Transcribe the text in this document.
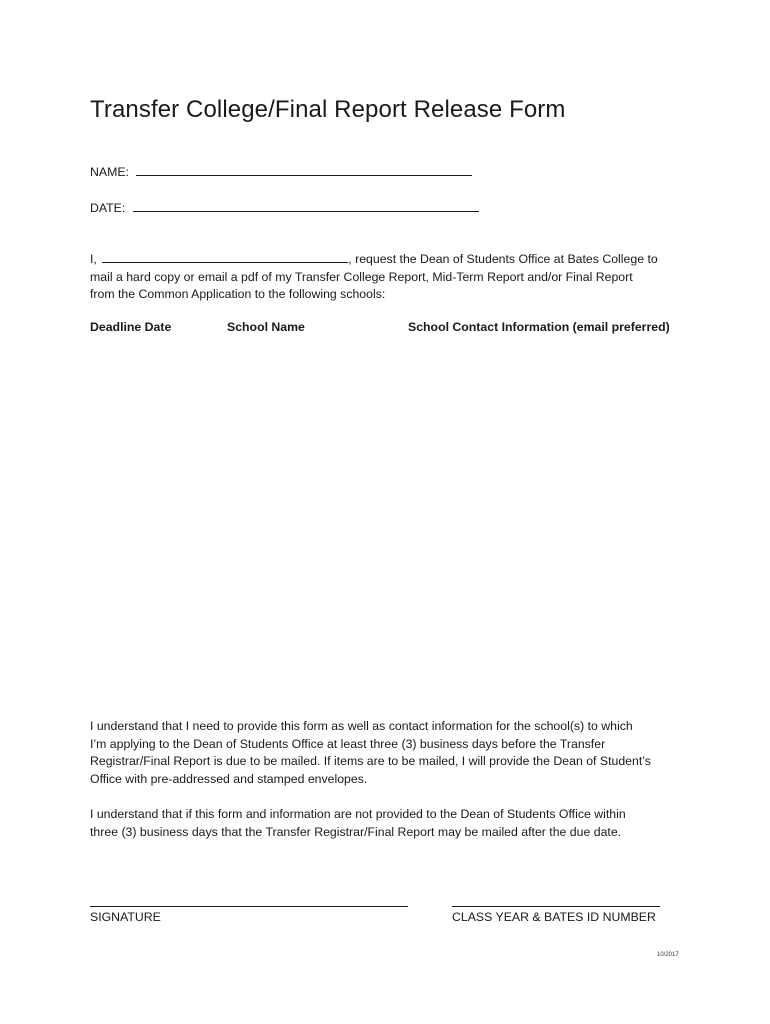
Transfer College/Final Report Release Form
NAME:
DATE:
I,	, request the Dean of Students Office at Bates College to
mail a hard copy or email a pdf of my Transfer College Report, Mid-Term Report and/or Final Report
from the Common Application to the following schools:
Deadline Date	School Name	School Contact Information (email preferred)
I understand that I need to provide this form as well as contact information for the school(s) to which
I’m applying to the Dean of Students Office at least three (3) business days before the Transfer
Registrar/Final Report is due to be mailed. If items are to be mailed, I will provide the Dean of Student’s
Office with pre-addressed and stamped envelopes.
I understand that if this form and information are not provided to the Dean of Students Office within
three (3) business days that the Transfer Registrar/Final Report may be mailed after the due date.
SIGNATURE	CLASS YEAR & BATES ID NUMBER
10/2017
